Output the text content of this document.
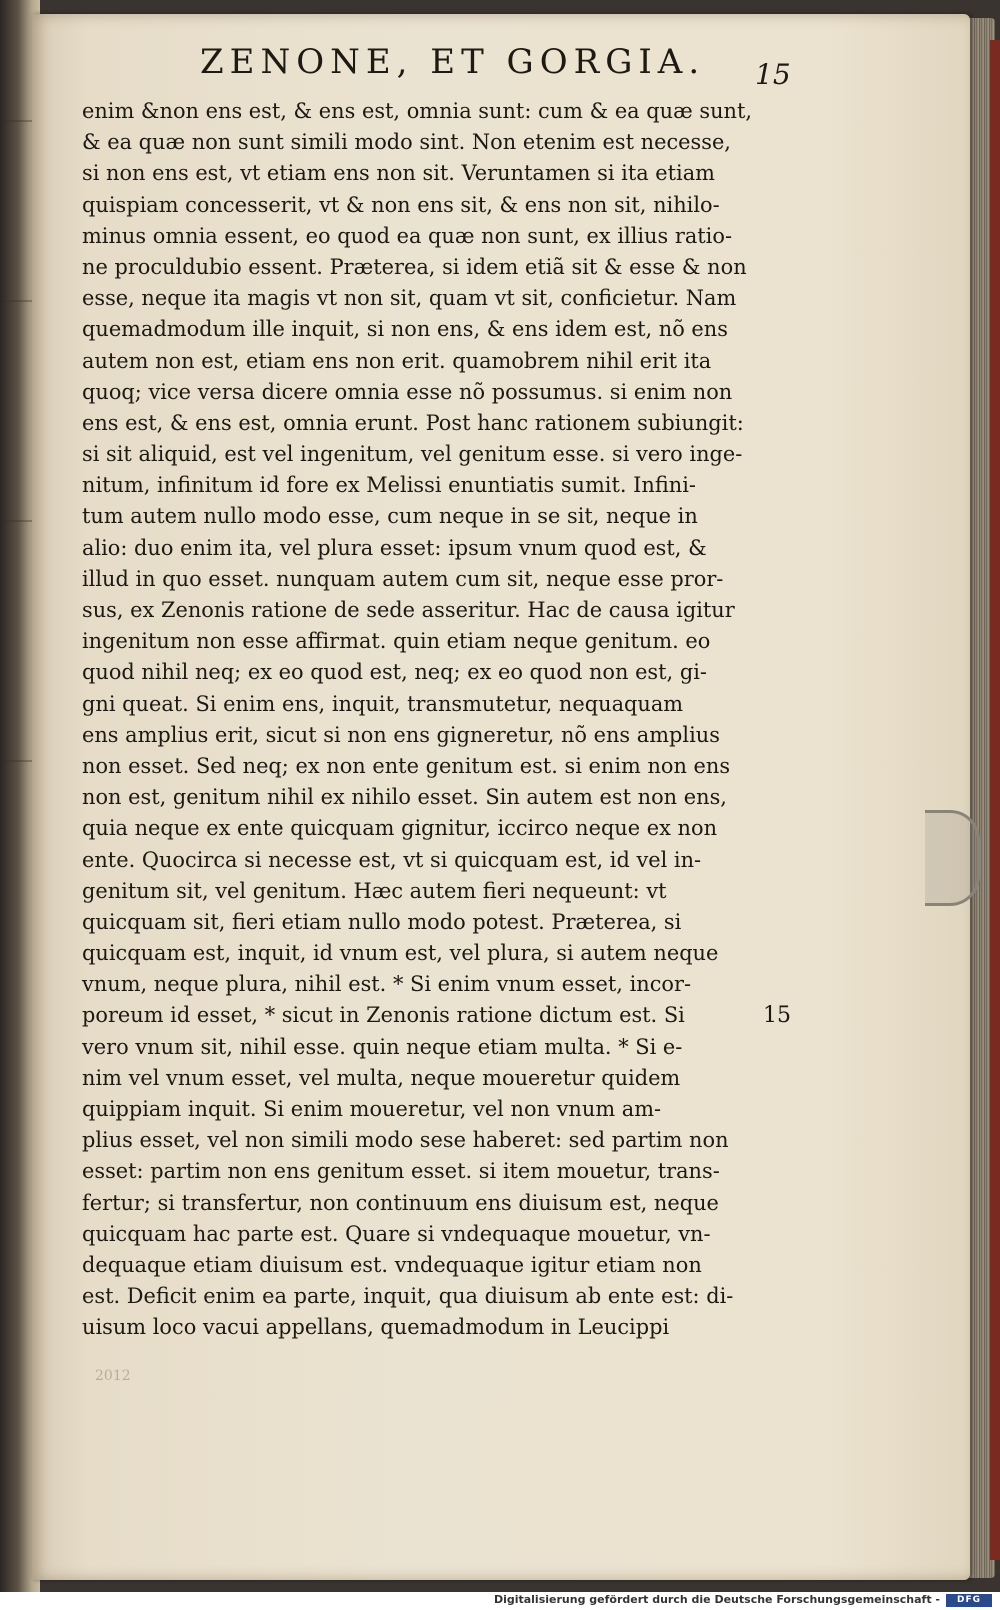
ZENONE, ET GORGIA.	15
enim &non ens est, & ens est, omnia sunt: cum & ea quæ sunt,
& ea quæ non sunt simili modo sint. Non etenim est necesse,
si non ens est, vt etiam ens non sit. Veruntamen si ita etiam
quispiam concesserit, vt & non ens sit, & ens non sit, nihilo-
minus omnia essent, eo quod ea quæ non sunt, ex illius ratio-
ne proculdubio essent. Præterea, si idem etiã sit & esse & non
esse, neque ita magis vt non sit, quam vt sit, conficietur. Nam
quemadmodum ille inquit, si non ens, & ens idem est, nõ ens
autem non est, etiam ens non erit. quamobrem nihil erit ita
quoq; vice versa dicere omnia esse nõ possumus. si enim non
ens est, & ens est, omnia erunt. Post hanc rationem subiungit:
si sit aliquid, est vel ingenitum, vel genitum esse. si vero inge-
nitum, infinitum id fore ex Melissi enuntiatis sumit. Infini-
tum autem nullo modo esse, cum neque in se sit, neque in
alio: duo enim ita, vel plura esset: ipsum vnum quod est, &
illud in quo esset. nunquam autem cum sit, neque esse pror-
sus, ex Zenonis ratione de sede asseritur. Hac de causa igitur
ingenitum non esse affirmat. quin etiam neque genitum. eo
quod nihil neq; ex eo quod est, neq; ex eo quod non est, gi-
gni queat. Si enim ens, inquit, transmutetur, nequaquam
ens amplius erit, sicut si non ens gigneretur, nõ ens amplius
non esset. Sed neq; ex non ente genitum est. si enim non ens
non est, genitum nihil ex nihilo esset. Sin autem est non ens,
quia neque ex ente quicquam gignitur, iccirco neque ex non
ente. Quocirca si necesse est, vt si quicquam est, id vel in-
genitum sit, vel genitum. Hæc autem fieri nequeunt: vt
quicquam sit, fieri etiam nullo modo potest. Præterea, si
quicquam est, inquit, id vnum est, vel plura, si autem neque
vnum, neque plura, nihil est. * Si enim vnum esset, incor-
poreum id esset, * sicut in Zenonis ratione dictum est. Si
vero vnum sit, nihil esse. quin neque etiam multa. * Si e-
nim vel vnum esset, vel multa, neque moueretur quidem
quippiam inquit. Si enim moueretur, vel non vnum am-
plius esset, vel non simili modo sese haberet: sed partim non
esset: partim non ens genitum esset. si item mouetur, trans-
fertur; si transfertur, non continuum ens diuisum est, neque
quicquam hac parte est. Quare si vndequaque mouetur, vn-
dequaque etiam diuisum est. vndequaque igitur etiam non
est. Deficit enim ea parte, inquit, qua diuisum ab ente est: di-
uisum loco vacui appellans, quemadmodum in Leucippi
15
2012
Digitalisierung gefördert durch die Deutsche Forschungsgemeinschaft -	DFG
